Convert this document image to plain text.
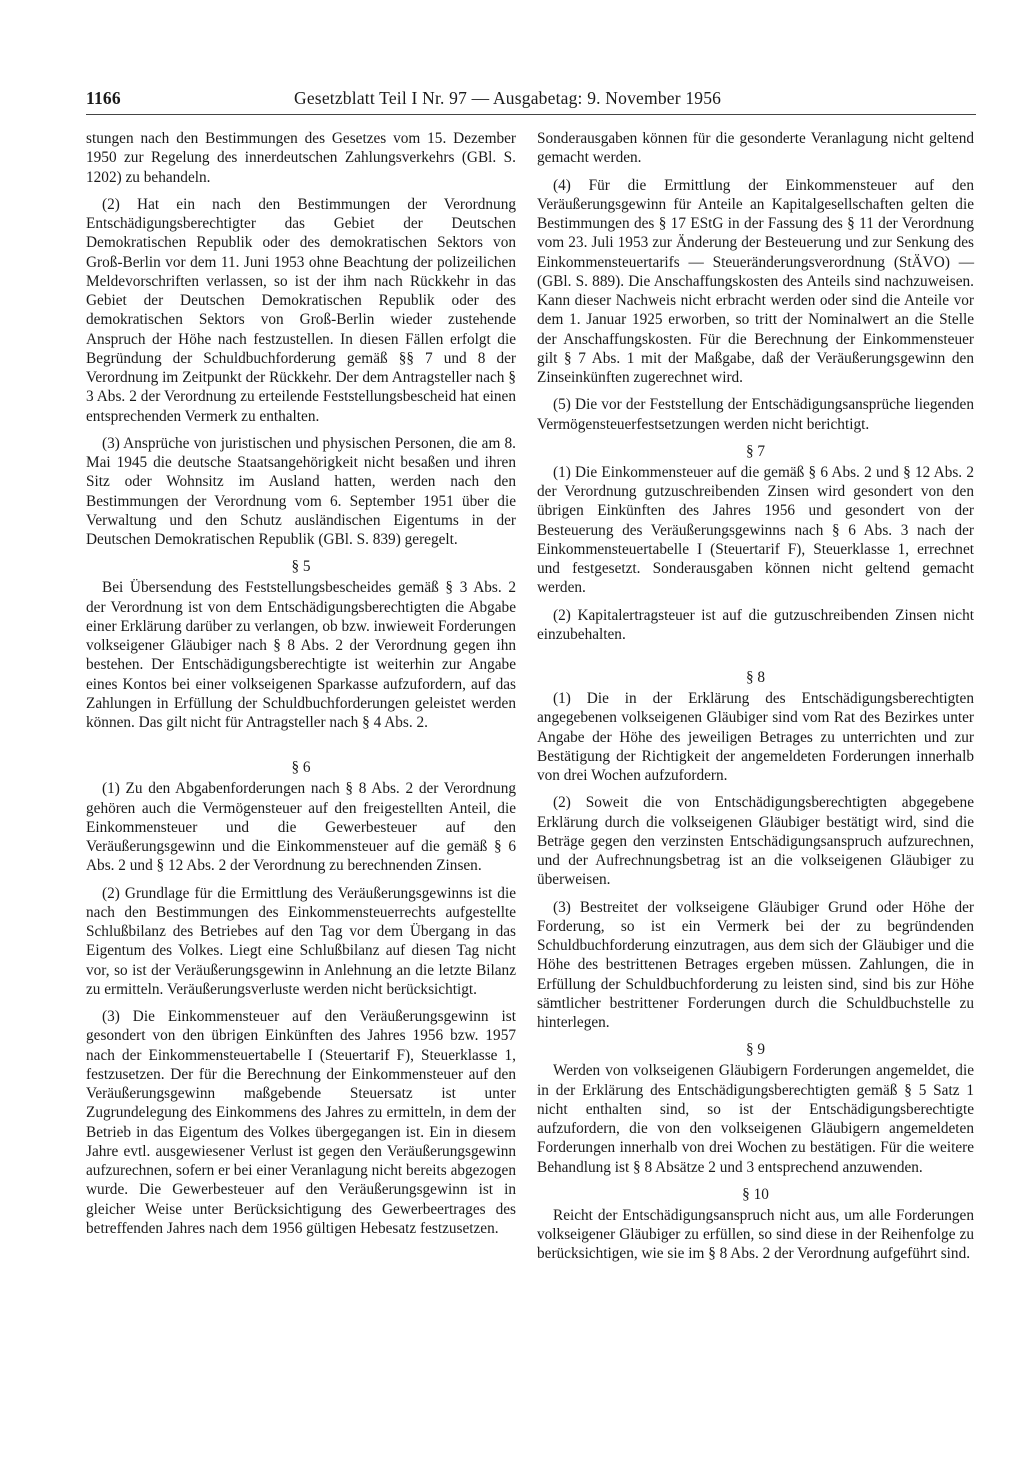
1166	Gesetzblatt Teil I Nr. 97 — Ausgabetag: 9. November 1956

stungen nach den Bestimmungen des Gesetzes vom 15. Dezember 1950 zur Regelung des innerdeutschen Zahlungsverkehrs (GBl. S. 1202) zu behandeln.

(2) Hat ein nach den Bestimmungen der Verordnung Entschädigungsberechtigter das Gebiet der Deutschen Demokratischen Republik oder des demokratischen Sektors von Groß-Berlin vor dem 11. Juni 1953 ohne Beachtung der polizeilichen Meldevorschriften verlassen, so ist der ihm nach Rückkehr in das Gebiet der Deutschen Demokratischen Republik oder des demokratischen Sektors von Groß-Berlin wieder zustehende Anspruch der Höhe nach festzustellen. In diesen Fällen erfolgt die Begründung der Schuldbuchforderung gemäß §§ 7 und 8 der Verordnung im Zeitpunkt der Rückkehr. Der dem Antragsteller nach § 3 Abs. 2 der Verordnung zu erteilende Feststellungsbescheid hat einen entsprechenden Vermerk zu enthalten.

(3) Ansprüche von juristischen und physischen Personen, die am 8. Mai 1945 die deutsche Staatsangehörigkeit nicht besaßen und ihren Sitz oder Wohnsitz im Ausland hatten, werden nach den Bestimmungen der Verordnung vom 6. September 1951 über die Verwaltung und den Schutz ausländischen Eigentums in der Deutschen Demokratischen Republik (GBl. S. 839) geregelt.

§ 5

Bei Übersendung des Feststellungsbescheides gemäß § 3 Abs. 2 der Verordnung ist von dem Entschädigungsberechtigten die Abgabe einer Erklärung darüber zu verlangen, ob bzw. inwieweit Forderungen volkseigener Gläubiger nach § 8 Abs. 2 der Verordnung gegen ihn bestehen. Der Entschädigungsberechtigte ist weiterhin zur Angabe eines Kontos bei einer volkseigenen Sparkasse aufzufordern, auf das Zahlungen in Erfüllung der Schuldbuchforderungen geleistet werden können. Das gilt nicht für Antragsteller nach § 4 Abs. 2.

§ 6

(1) Zu den Abgabenforderungen nach § 8 Abs. 2 der Verordnung gehören auch die Vermögensteuer auf den freigestellten Anteil, die Einkommensteuer und die Gewerbesteuer auf den Veräußerungsgewinn und die Einkommensteuer auf die gemäß § 6 Abs. 2 und § 12 Abs. 2 der Verordnung zu berechnenden Zinsen.

(2) Grundlage für die Ermittlung des Veräußerungsgewinns ist die nach den Bestimmungen des Einkommensteuerrechts aufgestellte Schlußbilanz des Betriebes auf den Tag vor dem Übergang in das Eigentum des Volkes. Liegt eine Schlußbilanz auf diesen Tag nicht vor, so ist der Veräußerungsgewinn in Anlehnung an die letzte Bilanz zu ermitteln. Veräußerungsverluste werden nicht berücksichtigt.

(3) Die Einkommensteuer auf den Veräußerungsgewinn ist gesondert von den übrigen Einkünften des Jahres 1956 bzw. 1957 nach der Einkommensteuertabelle I (Steuertarif F), Steuerklasse 1, festzusetzen. Der für die Berechnung der Einkommensteuer auf den Veräußerungsgewinn maßgebende Steuersatz ist unter Zugrundelegung des Einkommens des Jahres zu ermitteln, in dem der Betrieb in das Eigentum des Volkes übergegangen ist. Ein in diesem Jahre evtl. ausgewiesener Verlust ist gegen den Veräußerungsgewinn aufzurechnen, sofern er bei einer Veranlagung nicht bereits abgezogen wurde. Die Gewerbesteuer auf den Veräußerungsgewinn ist in gleicher Weise unter Berücksichtigung des Gewerbeertrages des betreffenden Jahres nach dem 1956 gültigen Hebesatz festzusetzen.

Sonderausgaben können für die gesonderte Veranlagung nicht geltend gemacht werden.

(4) Für die Ermittlung der Einkommensteuer auf den Veräußerungsgewinn für Anteile an Kapitalgesellschaften gelten die Bestimmungen des § 17 EStG in der Fassung des § 11 der Verordnung vom 23. Juli 1953 zur Änderung der Besteuerung und zur Senkung des Einkommensteuertarifs — Steueränderungsverordnung (StÄVO) — (GBl. S. 889). Die Anschaffungskosten des Anteils sind nachzuweisen. Kann dieser Nachweis nicht erbracht werden oder sind die Anteile vor dem 1. Januar 1925 erworben, so tritt der Nominalwert an die Stelle der Anschaffungskosten. Für die Berechnung der Einkommensteuer gilt § 7 Abs. 1 mit der Maßgabe, daß der Veräußerungsgewinn den Zinseinkünften zugerechnet wird.

(5) Die vor der Feststellung der Entschädigungsansprüche liegenden Vermögensteuerfestsetzungen werden nicht berichtigt.

§ 7

(1) Die Einkommensteuer auf die gemäß § 6 Abs. 2 und § 12 Abs. 2 der Verordnung gutzuschreibenden Zinsen wird gesondert von den übrigen Einkünften des Jahres 1956 und gesondert von der Besteuerung des Veräußerungsgewinns nach § 6 Abs. 3 nach der Einkommensteuertabelle I (Steuertarif F), Steuerklasse 1, errechnet und festgesetzt. Sonderausgaben können nicht geltend gemacht werden.

(2) Kapitalertragsteuer ist auf die gutzuschreibenden Zinsen nicht einzubehalten.

§ 8

(1) Die in der Erklärung des Entschädigungsberechtigten angegebenen volkseigenen Gläubiger sind vom Rat des Bezirkes unter Angabe der Höhe des jeweiligen Betrages zu unterrichten und zur Bestätigung der Richtigkeit der angemeldeten Forderungen innerhalb von drei Wochen aufzufordern.

(2) Soweit die von Entschädigungsberechtigten abgegebene Erklärung durch die volkseigenen Gläubiger bestätigt wird, sind die Beträge gegen den verzinsten Entschädigungsanspruch aufzurechnen, und der Aufrechnungsbetrag ist an die volkseigenen Gläubiger zu überweisen.

(3) Bestreitet der volkseigene Gläubiger Grund oder Höhe der Forderung, so ist ein Vermerk bei der zu begründenden Schuldbuchforderung einzutragen, aus dem sich der Gläubiger und die Höhe des bestrittenen Betrages ergeben müssen. Zahlungen, die in Erfüllung der Schuldbuchforderung zu leisten sind, sind bis zur Höhe sämtlicher bestrittener Forderungen durch die Schuldbuchstelle zu hinterlegen.

§ 9

Werden von volkseigenen Gläubigern Forderungen angemeldet, die in der Erklärung des Entschädigungsberechtigten gemäß § 5 Satz 1 nicht enthalten sind, so ist der Entschädigungsberechtigte aufzufordern, die von den volkseigenen Gläubigern angemeldeten Forderungen innerhalb von drei Wochen zu bestätigen. Für die weitere Behandlung ist § 8 Absätze 2 und 3 entsprechend anzuwenden.

§ 10

Reicht der Entschädigungsanspruch nicht aus, um alle Forderungen volkseigener Gläubiger zu erfüllen, so sind diese in der Reihenfolge zu berücksichtigen, wie sie im § 8 Abs. 2 der Verordnung aufgeführt sind.
